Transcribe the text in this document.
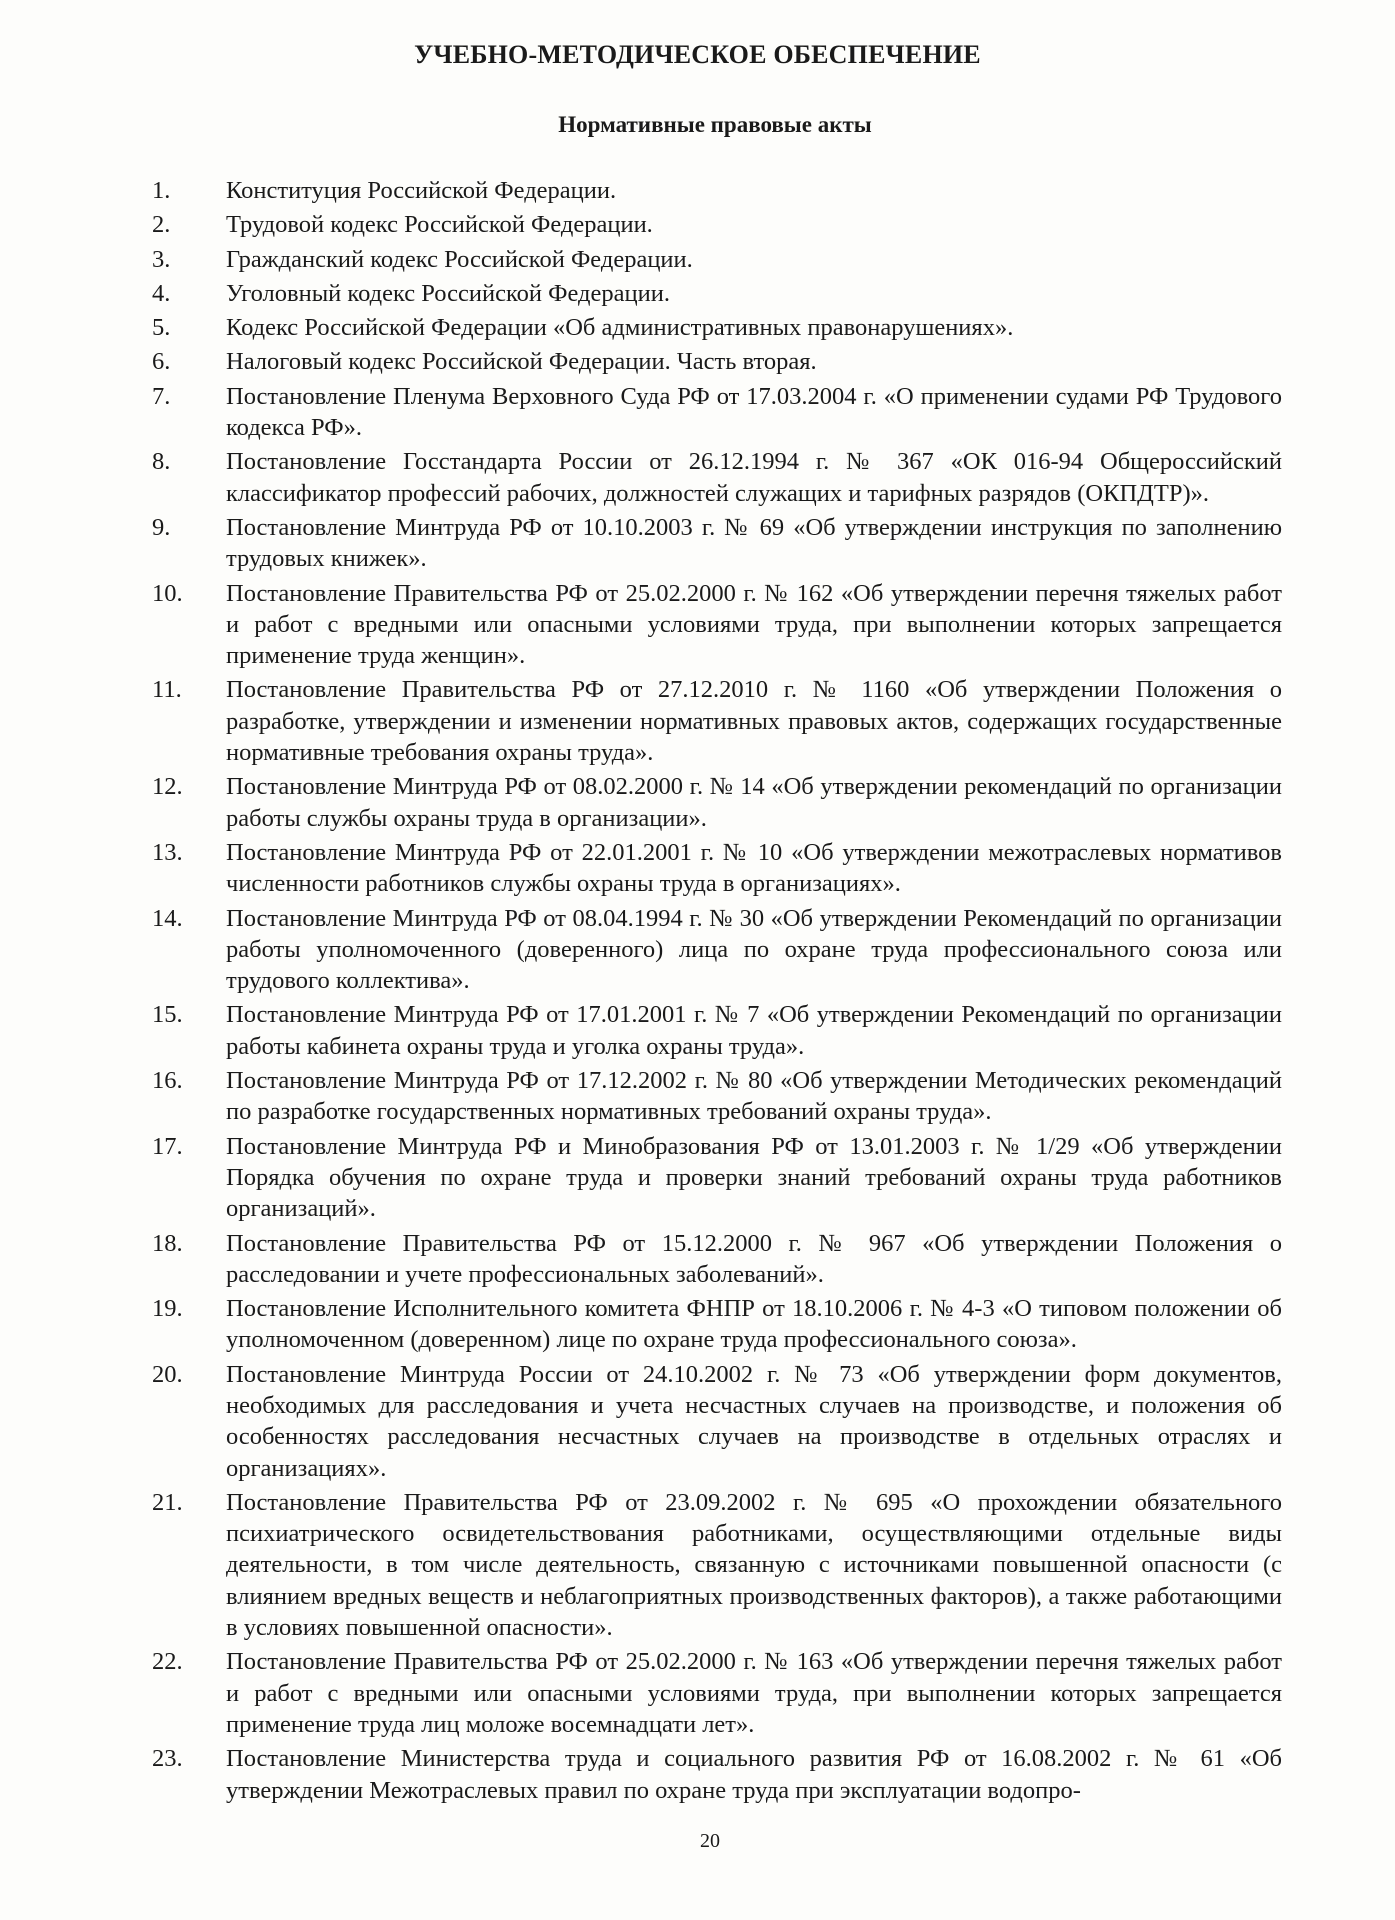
УЧЕБНО-МЕТОДИЧЕСКОЕ ОБЕСПЕЧЕНИЕ
Нормативные правовые акты
1.	Конституция Российской Федерации.
2.	Трудовой кодекс Российской Федерации.
3.	Гражданский кодекс Российской Федерации.
4.	Уголовный кодекс Российской Федерации.
5.	Кодекс Российской Федерации «Об административных правонарушениях».
6.	Налоговый кодекс Российской Федерации. Часть вторая.
7.	Постановление Пленума Верховного Суда РФ от 17.03.2004 г. «О применении судами РФ Трудового кодекса РФ».
8.	Постановление Госстандарта России от 26.12.1994 г. № 367 «ОК 016-94 Общероссийский классификатор профессий рабочих, должностей служащих и тарифных разрядов (ОКПДТР)».
9.	Постановление Минтруда РФ от 10.10.2003 г. № 69 «Об утверждении инструкция по заполнению трудовых книжек».
10.	Постановление Правительства РФ от 25.02.2000 г. № 162 «Об утверждении перечня тяжелых работ и работ с вредными или опасными условиями труда, при выполнении которых запрещается применение труда женщин».
11.	Постановление Правительства РФ от 27.12.2010 г. № 1160 «Об утверждении Положения о разработке, утверждении и изменении нормативных правовых актов, содержащих государственные нормативные требования охраны труда».
12.	Постановление Минтруда РФ от 08.02.2000 г. № 14 «Об утверждении рекомендаций по организации работы службы охраны труда в организации».
13.	Постановление Минтруда РФ от 22.01.2001 г. № 10 «Об утверждении межотраслевых нормативов численности работников службы охраны труда в организациях».
14.	Постановление Минтруда РФ от 08.04.1994 г. № 30 «Об утверждении Рекомендаций по организации работы уполномоченного (доверенного) лица по охране труда профессионального союза или трудового коллектива».
15.	Постановление Минтруда РФ от 17.01.2001 г. № 7 «Об утверждении Рекомендаций по организации работы кабинета охраны труда и уголка охраны труда».
16.	Постановление Минтруда РФ от 17.12.2002 г. № 80 «Об утверждении Методических рекомендаций по разработке государственных нормативных требований охраны труда».
17.	Постановление Минтруда РФ и Минобразования РФ от 13.01.2003 г. № 1/29 «Об утверждении Порядка обучения по охране труда и проверки знаний требований охраны труда работников организаций».
18.	Постановление Правительства РФ от 15.12.2000 г. № 967 «Об утверждении Положения о расследовании и учете профессиональных заболеваний».
19.	Постановление Исполнительного комитета ФНПР от 18.10.2006 г. № 4-3 «О типовом положении об уполномоченном (доверенном) лице по охране труда профессионального союза».
20.	Постановление Минтруда России от 24.10.2002 г. № 73 «Об утверждении форм документов, необходимых для расследования и учета несчастных случаев на производстве, и положения об особенностях расследования несчастных случаев на производстве в отдельных отраслях и организациях».
21.	Постановление Правительства РФ от 23.09.2002 г. № 695 «О прохождении обязательного психиатрического освидетельствования работниками, осуществляющими отдельные виды деятельности, в том числе деятельность, связанную с источниками повышенной опасности (с влиянием вредных веществ и неблагоприятных производственных факторов), а также работающими в условиях повышенной опасности».
22.	Постановление Правительства РФ от 25.02.2000 г. № 163 «Об утверждении перечня тяжелых работ и работ с вредными или опасными условиями труда, при выполнении которых запрещается применение труда лиц моложе восемнадцати лет».
23.	Постановление Министерства труда и социального развития РФ от 16.08.2002 г. № 61 «Об утверждении Межотраслевых правил по охране труда при эксплуатации водопро-
20
